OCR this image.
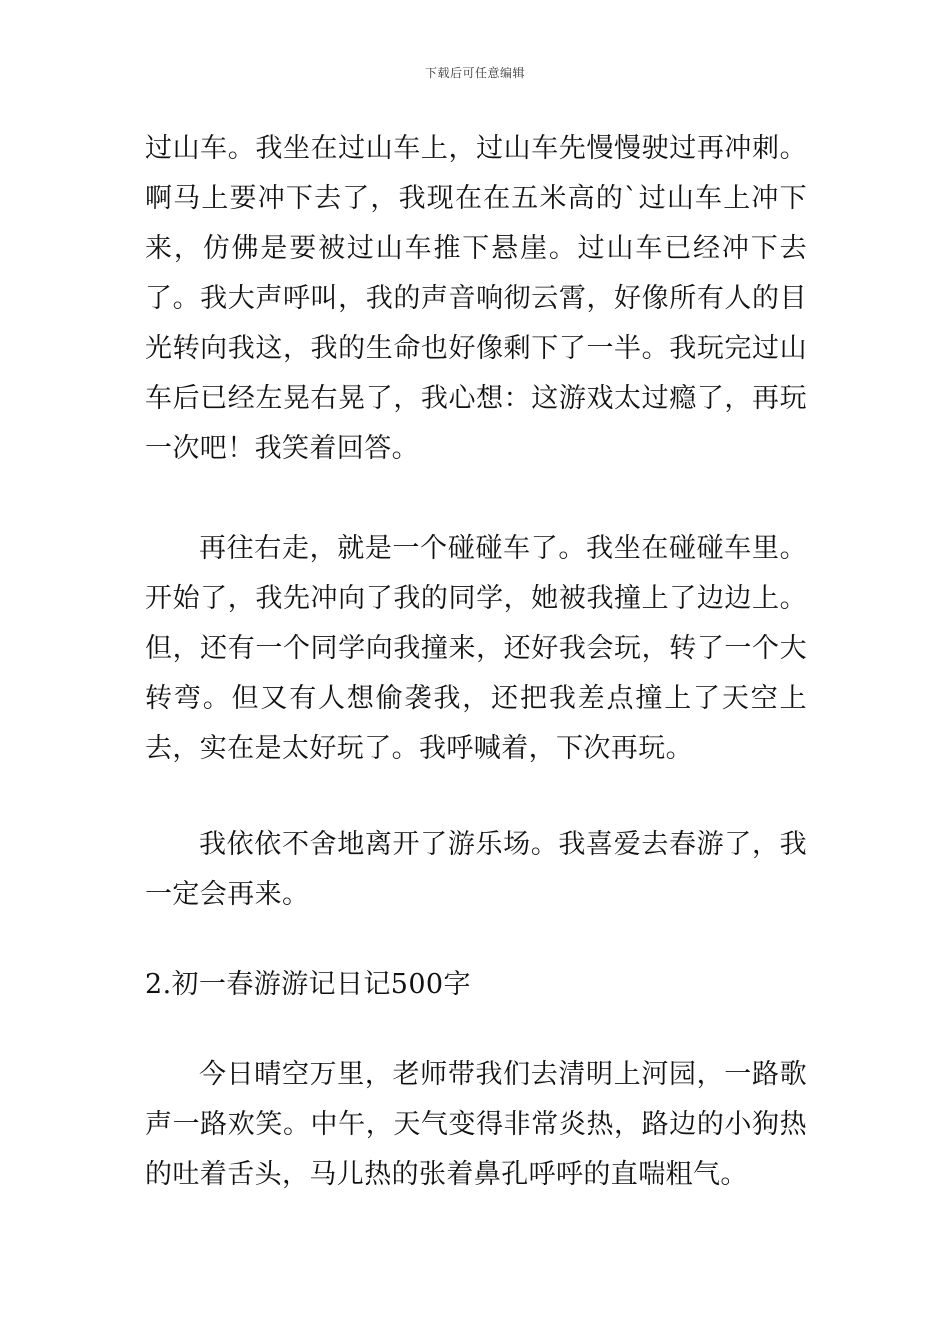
下载后可任意编辑

过山车。我坐在过山车上，过山车先慢慢驶过再冲刺。啊马上要冲下去了，我现在在五米高的`过山车上冲下来，仿佛是要被过山车推下悬崖。过山车已经冲下去了。我大声呼叫，我的声音响彻云霄，好像所有人的目光转向我这，我的生命也好像剩下了一半。我玩完过山车后已经左晃右晃了，我心想：这游戏太过瘾了，再玩一次吧！我笑着回答。

再往右走，就是一个碰碰车了。我坐在碰碰车里。开始了，我先冲向了我的同学，她被我撞上了边边上。但，还有一个同学向我撞来，还好我会玩，转了一个大转弯。但又有人想偷袭我，还把我差点撞上了天空上去，实在是太好玩了。我呼喊着，下次再玩。

我依依不舍地离开了游乐场。我喜爱去春游了，我一定会再来。

2.初一春游游记日记500字

今日晴空万里，老师带我们去清明上河园，一路歌声一路欢笑。中午，天气变得非常炎热，路边的小狗热的吐着舌头，马儿热的张着鼻孔呼呼的直喘粗气。
